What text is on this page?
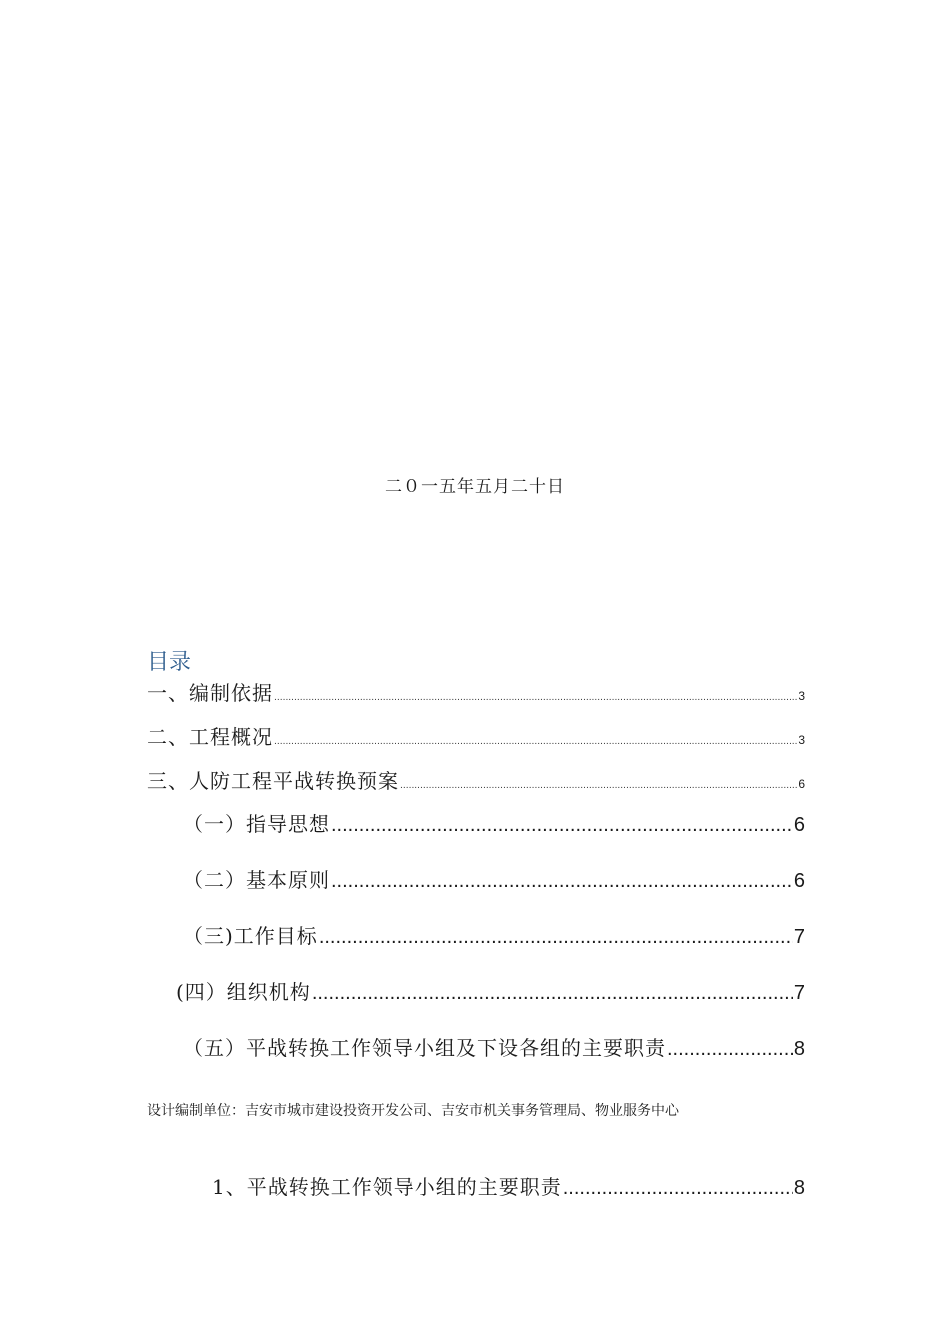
二０一五年五月二十日
目录
一、编制依据 .....	3
二、工程概况 .....	3
三、人防工程平战转换预案 .....	6
（一）指导思想 .....	6
（二）基本原则 .....	6
（三)工作目标 .....	7
(四）组织机构 .....	7
（五）平战转换工作领导小组及下设各组的主要职责 .....	8
设计编制单位：吉安市城市建设投资开发公司、吉安市机关事务管理局、物业服务中心
1、平战转换工作领导小组的主要职责 .....	8
